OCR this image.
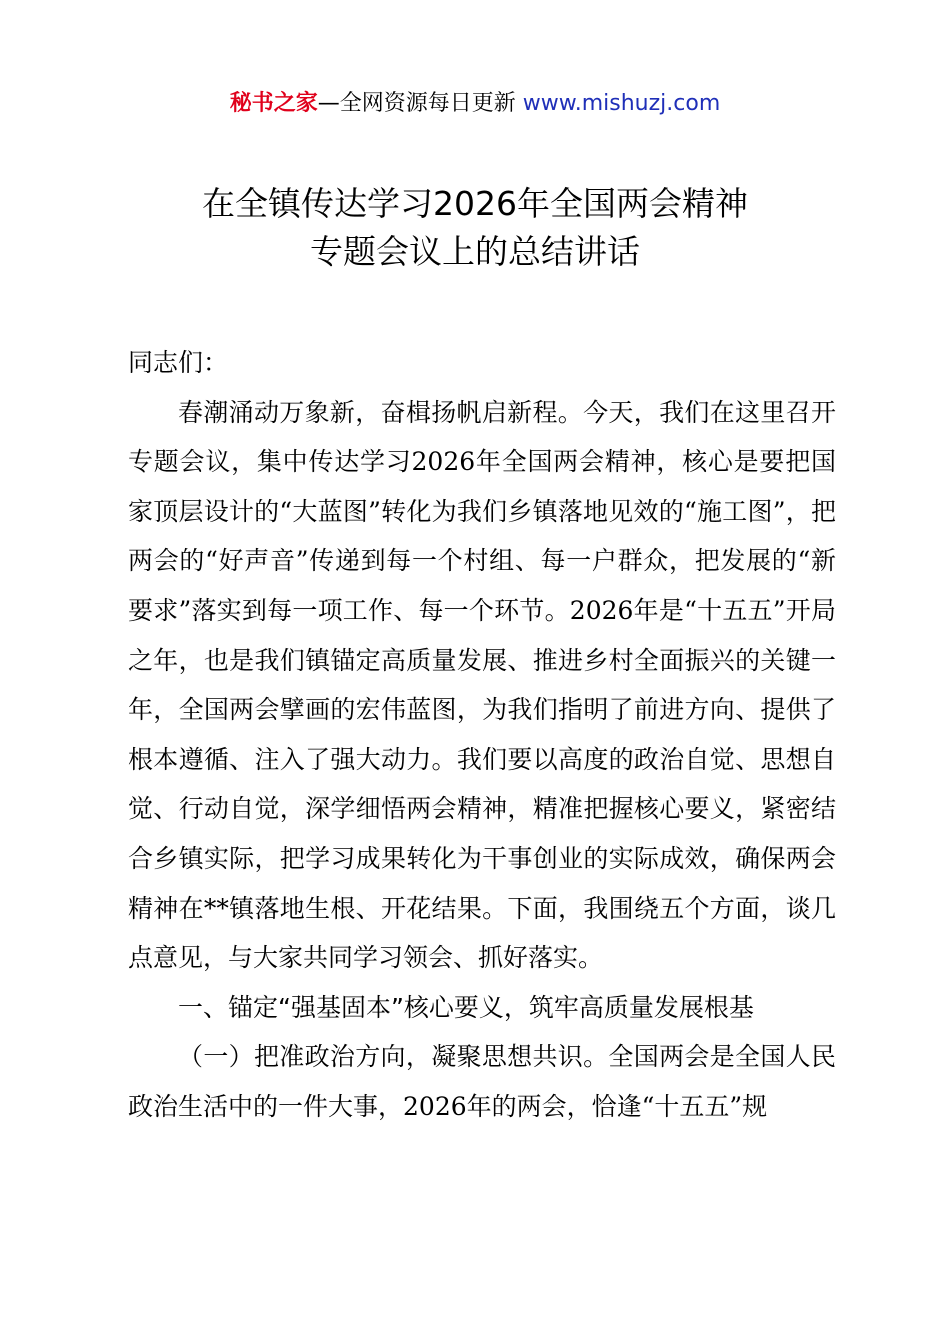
秘书之家—全网资源每日更新 www.mishuzj.com
在全镇传达学习2026年全国两会精神
专题会议上的总结讲话

同志们：

春潮涌动万象新，奋楫扬帆启新程。今天，我们在这里召开专题会议，集中传达学习2026年全国两会精神，核心是要把国家顶层设计的“大蓝图”转化为我们乡镇落地见效的“施工图”，把两会的“好声音”传递到每一个村组、每一户群众，把发展的“新要求”落实到每一项工作、每一个环节。2026年是“十五五”开局之年，也是我们镇锚定高质量发展、推进乡村全面振兴的关键一年，全国两会擘画的宏伟蓝图，为我们指明了前进方向、提供了根本遵循、注入了强大动力。我们要以高度的政治自觉、思想自觉、行动自觉，深学细悟两会精神，精准把握核心要义，紧密结合乡镇实际，把学习成果转化为干事创业的实际成效，确保两会精神在**镇落地生根、开花结果。下面，我围绕五个方面，谈几点意见，与大家共同学习领会、抓好落实。

一、锚定“强基固本”核心要义，筑牢高质量发展根基

（一）把准政治方向，凝聚思想共识。全国两会是全国人民政治生活中的一件大事，2026年的两会，恰逢“十五五”规
